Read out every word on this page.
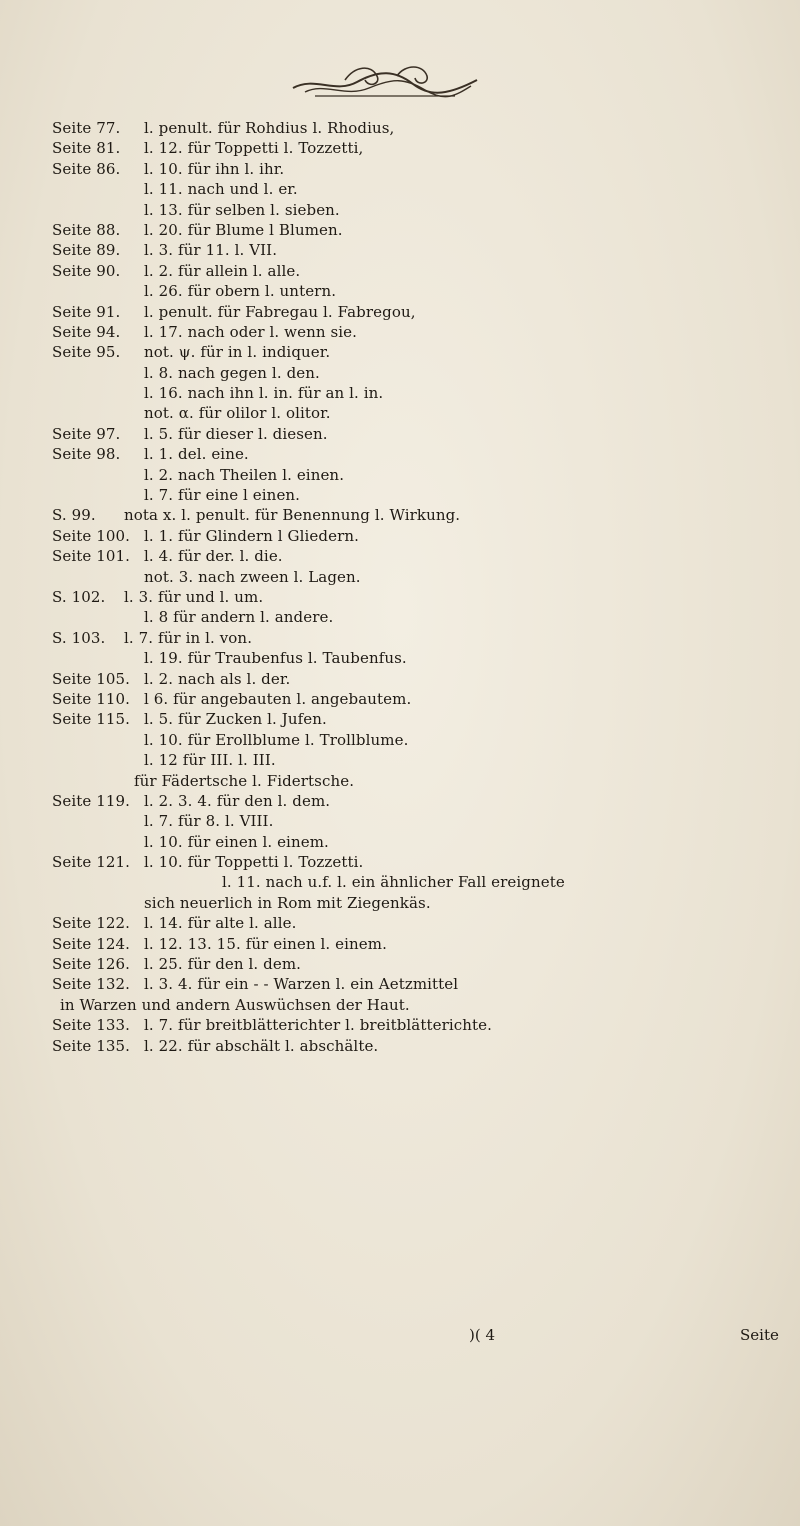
Seite 77. l. penult. für Rohdius l. Rhodius,
Seite 81. l. 12. für Toppetti l. Tozzetti,
Seite 86. l. 10. für ihn l. ihr.
l. 11. nach und l. er.
l. 13. für selben l. sieben.
Seite 88. l. 20. für Blume l Blumen.
Seite 89. l. 3. für 11. l. VII.
Seite 90. l. 2. für allein l. alle.
l. 26. für obern l. untern.
Seite 91. l. penult. für Fabregau l. Fabregou,
Seite 94. l. 17. nach oder l. wenn sie.
Seite 95. not. ψ. für in l. indiquer.
l. 8. nach gegen l. den.
l. 16. nach ihn l. in. für an l. in.
not. α. für olilor l. olitor.
Seite 97. l. 5. für dieser l. diesen.
Seite 98. l. 1. del. eine.
l. 2. nach Theilen l. einen.
l. 7. für eine l einen.
S. 99. nota x. l. penult. für Benennung l. Wirkung.
Seite 100. l. 1. für Glindern l Gliedern.
Seite 101. l. 4. für der. l. die.
not. 3. nach zween l. Lagen.
S. 102. l. 3. für und l. um.
l. 8 für andern l. andere.
S. 103. l. 7. für in l. von.
l. 19. für Traubenfus l. Taubenfus.
Seite 105. l. 2. nach als l. der.
Seite 110. l 6. für angebauten l. angebautem.
Seite 115. l. 5. für Zucken l. Jufen.
l. 10. für Erollblume l. Trollblume.
l. 12 für III. l. III.
für Fädertsche l. Fidertsche.
Seite 119. l. 2. 3. 4. für den l. dem.
l. 7. für 8. l. VIII.
l. 10. für einen l. einem.
Seite 121. l. 10. für Toppetti l. Tozzetti.
l. 11. nach u.f. l. ein ähnlicher Fall ereignete
sich neuerlich in Rom mit Ziegenkäs.
Seite 122. l. 14. für alte l. alle.
Seite 124. l. 12. 13. 15. für einen l. einem.
Seite 126. l. 25. für den l. dem.
Seite 132. l. 3. 4. für ein - - Warzen l. ein Aetzmittel
in Warzen und andern Auswüchsen der Haut.
Seite 133. l. 7. für breitblätterichter l. breitblätterichte.
Seite 135. l. 22. für abschält l. abschälte.
)( 4	Seite
